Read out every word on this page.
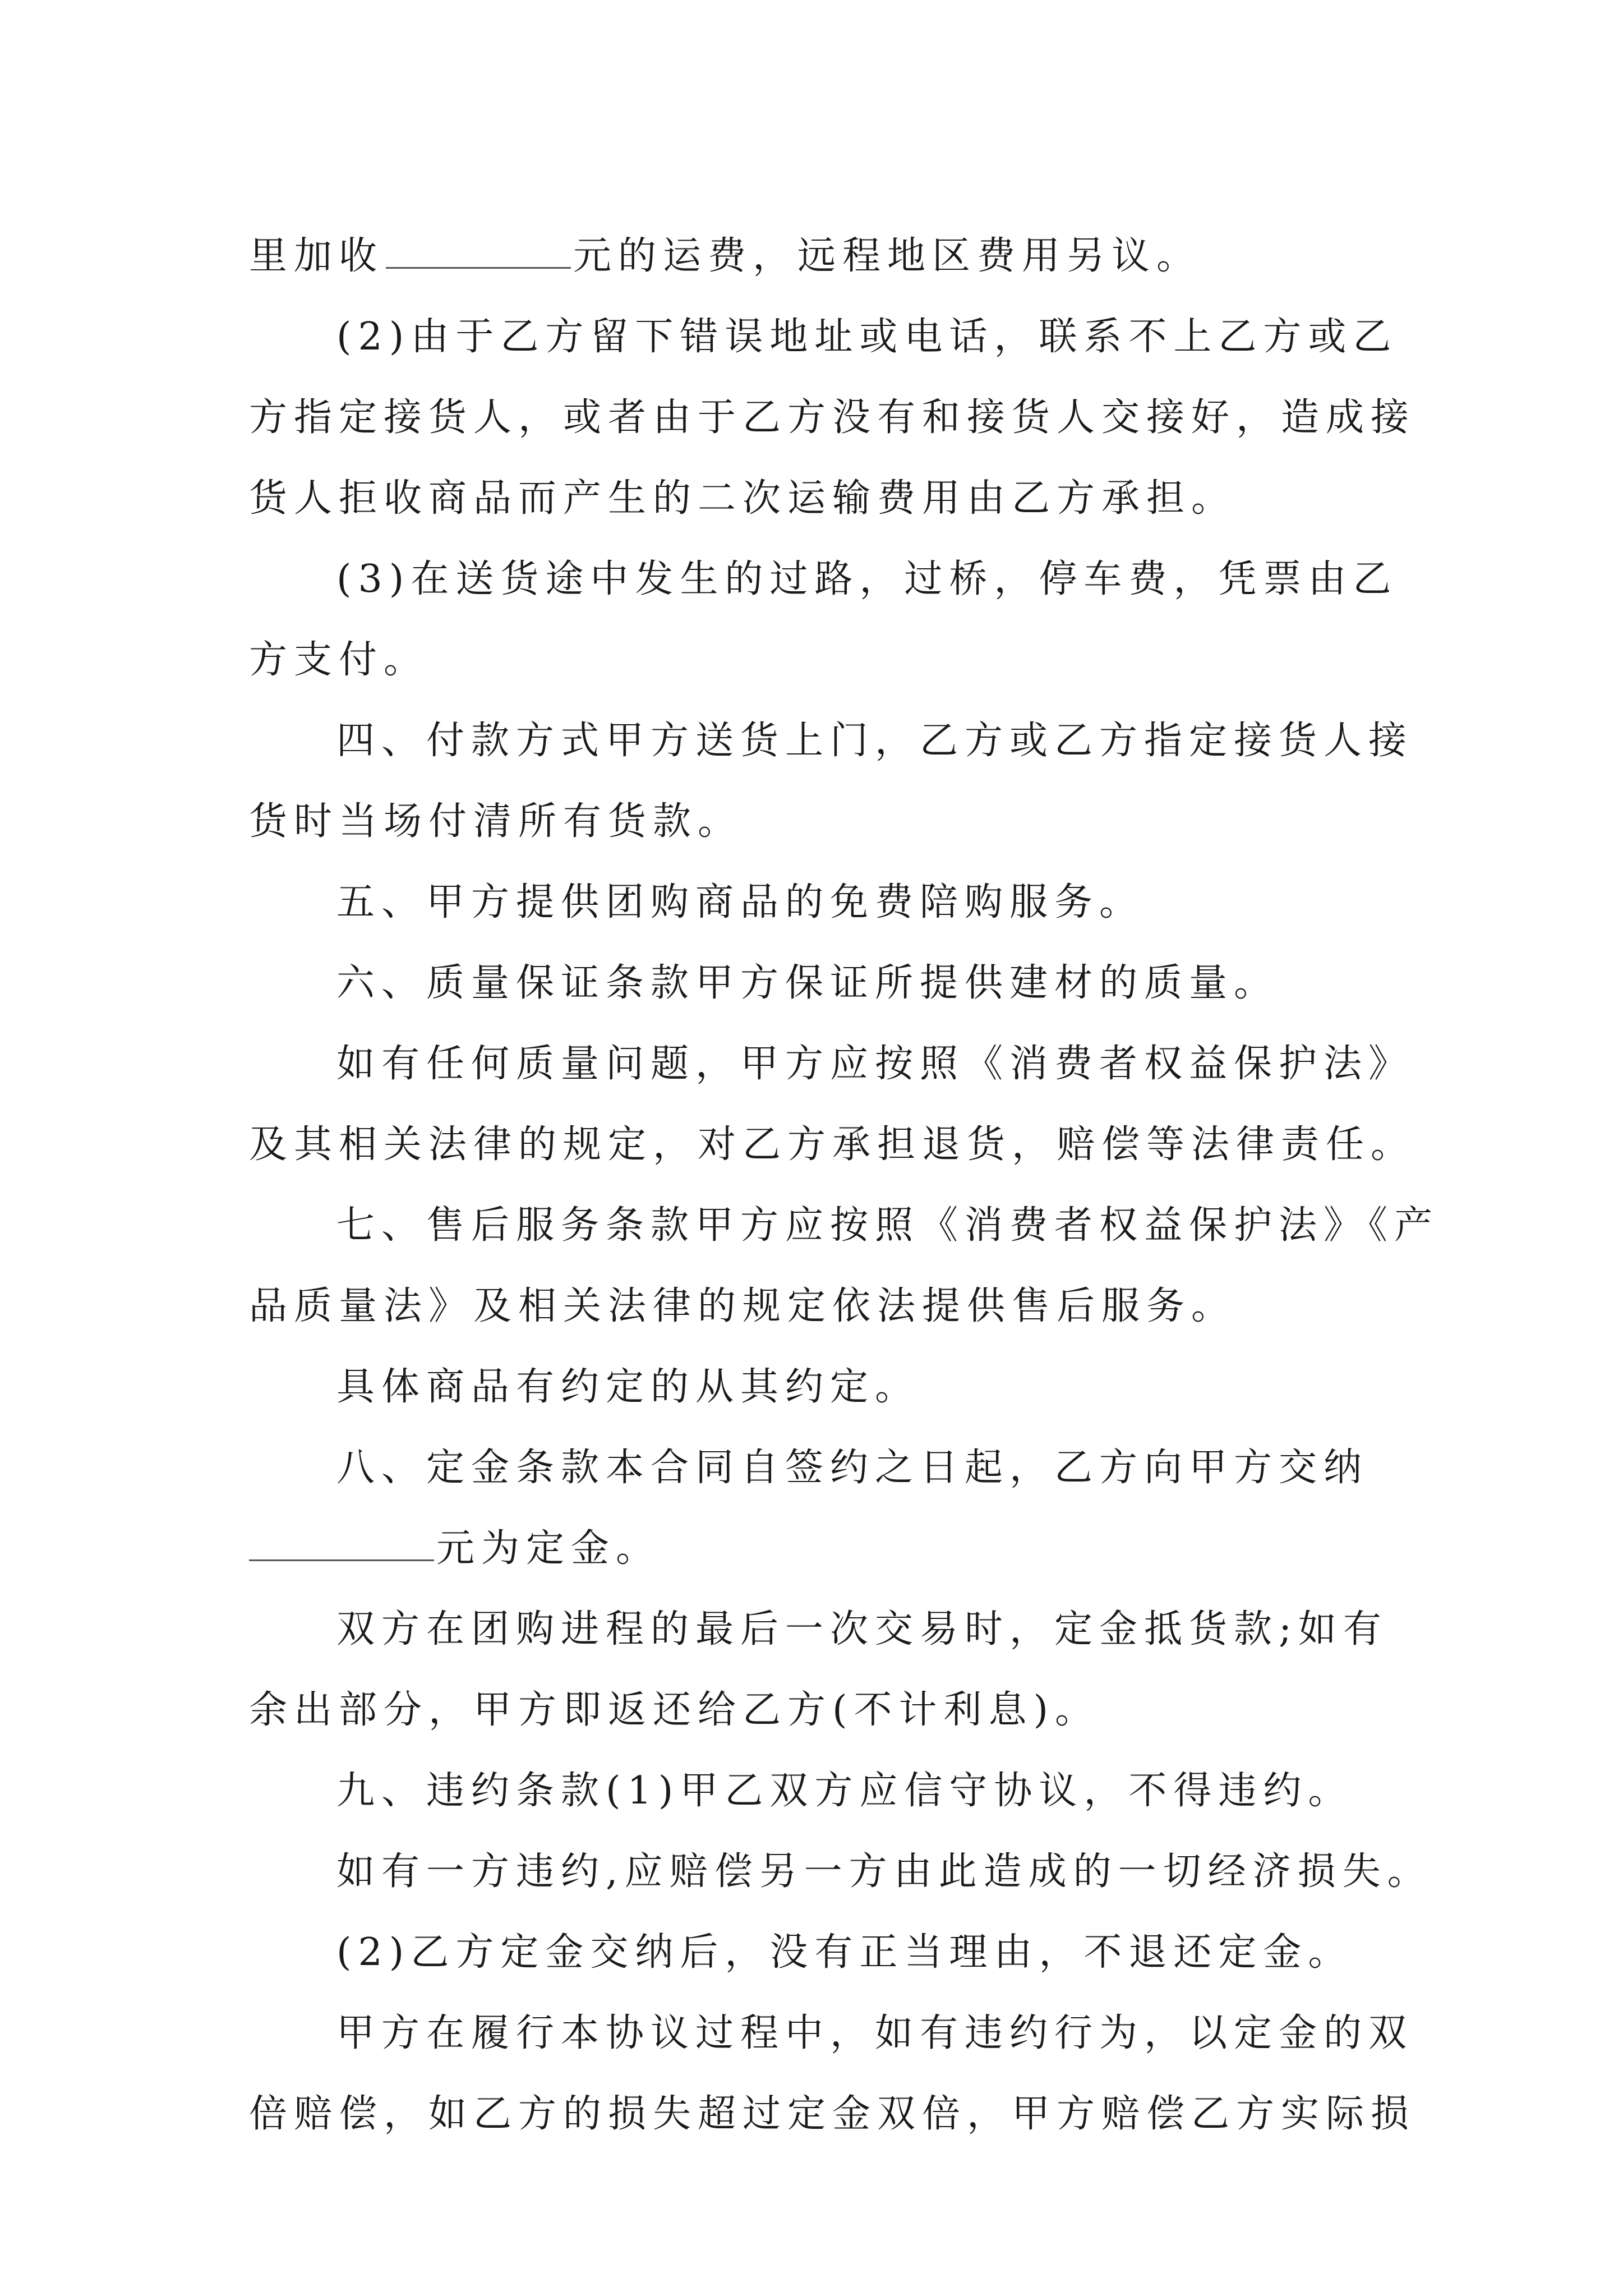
里加收	元的运费，远程地区费用另议。
(2)由于乙方留下错误地址或电话，联系不上乙方或乙
方指定接货人，或者由于乙方没有和接货人交接好，造成接
货人拒收商品而产生的二次运输费用由乙方承担。
(3)在送货途中发生的过路，过桥，停车费，凭票由乙
方支付。
四、付款方式甲方送货上门，乙方或乙方指定接货人接
货时当场付清所有货款。
五、甲方提供团购商品的免费陪购服务。
六、质量保证条款甲方保证所提供建材的质量。
如有任何质量问题，甲方应按照《消费者权益保护法》
及其相关法律的规定，对乙方承担退货，赔偿等法律责任。
七、售后服务条款甲方应按照《消费者权益保护法》《产
品质量法》及相关法律的规定依法提供售后服务。
具体商品有约定的从其约定。
八、定金条款本合同自签约之日起，乙方向甲方交纳
元为定金。
双方在团购进程的最后一次交易时，定金抵货款;如有
余出部分，甲方即返还给乙方(不计利息)。
九、违约条款(1)甲乙双方应信守协议，不得违约。
如有一方违约,应赔偿另一方由此造成的一切经济损失。
(2)乙方定金交纳后，没有正当理由，不退还定金。
甲方在履行本协议过程中，如有违约行为，以定金的双
倍赔偿，如乙方的损失超过定金双倍，甲方赔偿乙方实际损
